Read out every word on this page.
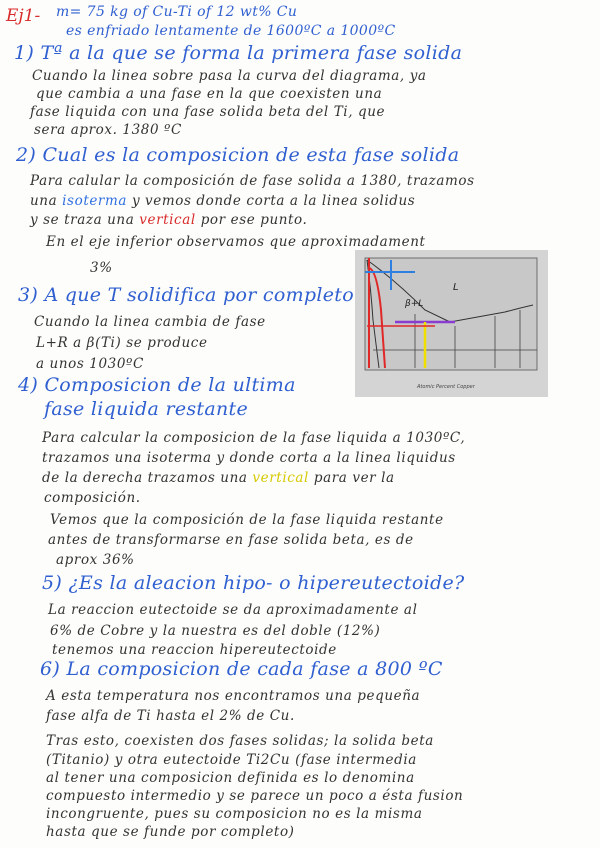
Ej1- m= 75 kg of Cu-Ti of 12 wt% Cu
es enfriado lentamente de 1600ºC a 1000ºC
1) Tª a la que se forma la primera fase solida
Cuando la linea sobre pasa la curva del diagrama, ya
que cambia a una fase en la que coexisten una
fase liquida con una fase solida beta del Ti, que
sera aprox. 1380 ºC
2) Cual es la composicion de esta fase solida
Para calular la composición de fase solida a 1380, trazamos
una isoterma y vemos donde corta a la linea solidus
y se traza una vertical por ese punto.
En el eje inferior observamos que aproximadament
3%
β+L
L
Atomic Percent Copper
3) A que T solidifica por completo
Cuando la linea cambia de fase
L+R a β(Ti) se produce
a unos 1030ºC
4) Composicion de la ultima
fase liquida restante
Para calcular la composicion de la fase liquida a 1030ºC,
trazamos una isoterma y donde corta a la linea liquidus
de la derecha trazamos una vertical para ver la
composición.
Vemos que la composición de la fase liquida restante
antes de transformarse en fase solida beta, es de
aprox 36%
5) ¿Es la aleacion hipo- o hipereutectoide?
La reaccion eutectoide se da aproximadamente al
6% de Cobre y la nuestra es del doble (12%)
tenemos una reaccion hipereutectoide
6) La composicion de cada fase a 800 ºC
A esta temperatura nos encontramos una pequeña
fase alfa de Ti hasta el 2% de Cu.
Tras esto, coexisten dos fases solidas; la solida beta
(Titanio) y otra eutectoide Ti2Cu (fase intermedia
al tener una composicion definida es lo denomina
compuesto intermedio y se parece un poco a ésta fusion
incongruente, pues su composicion no es la misma
hasta que se funde por completo)
